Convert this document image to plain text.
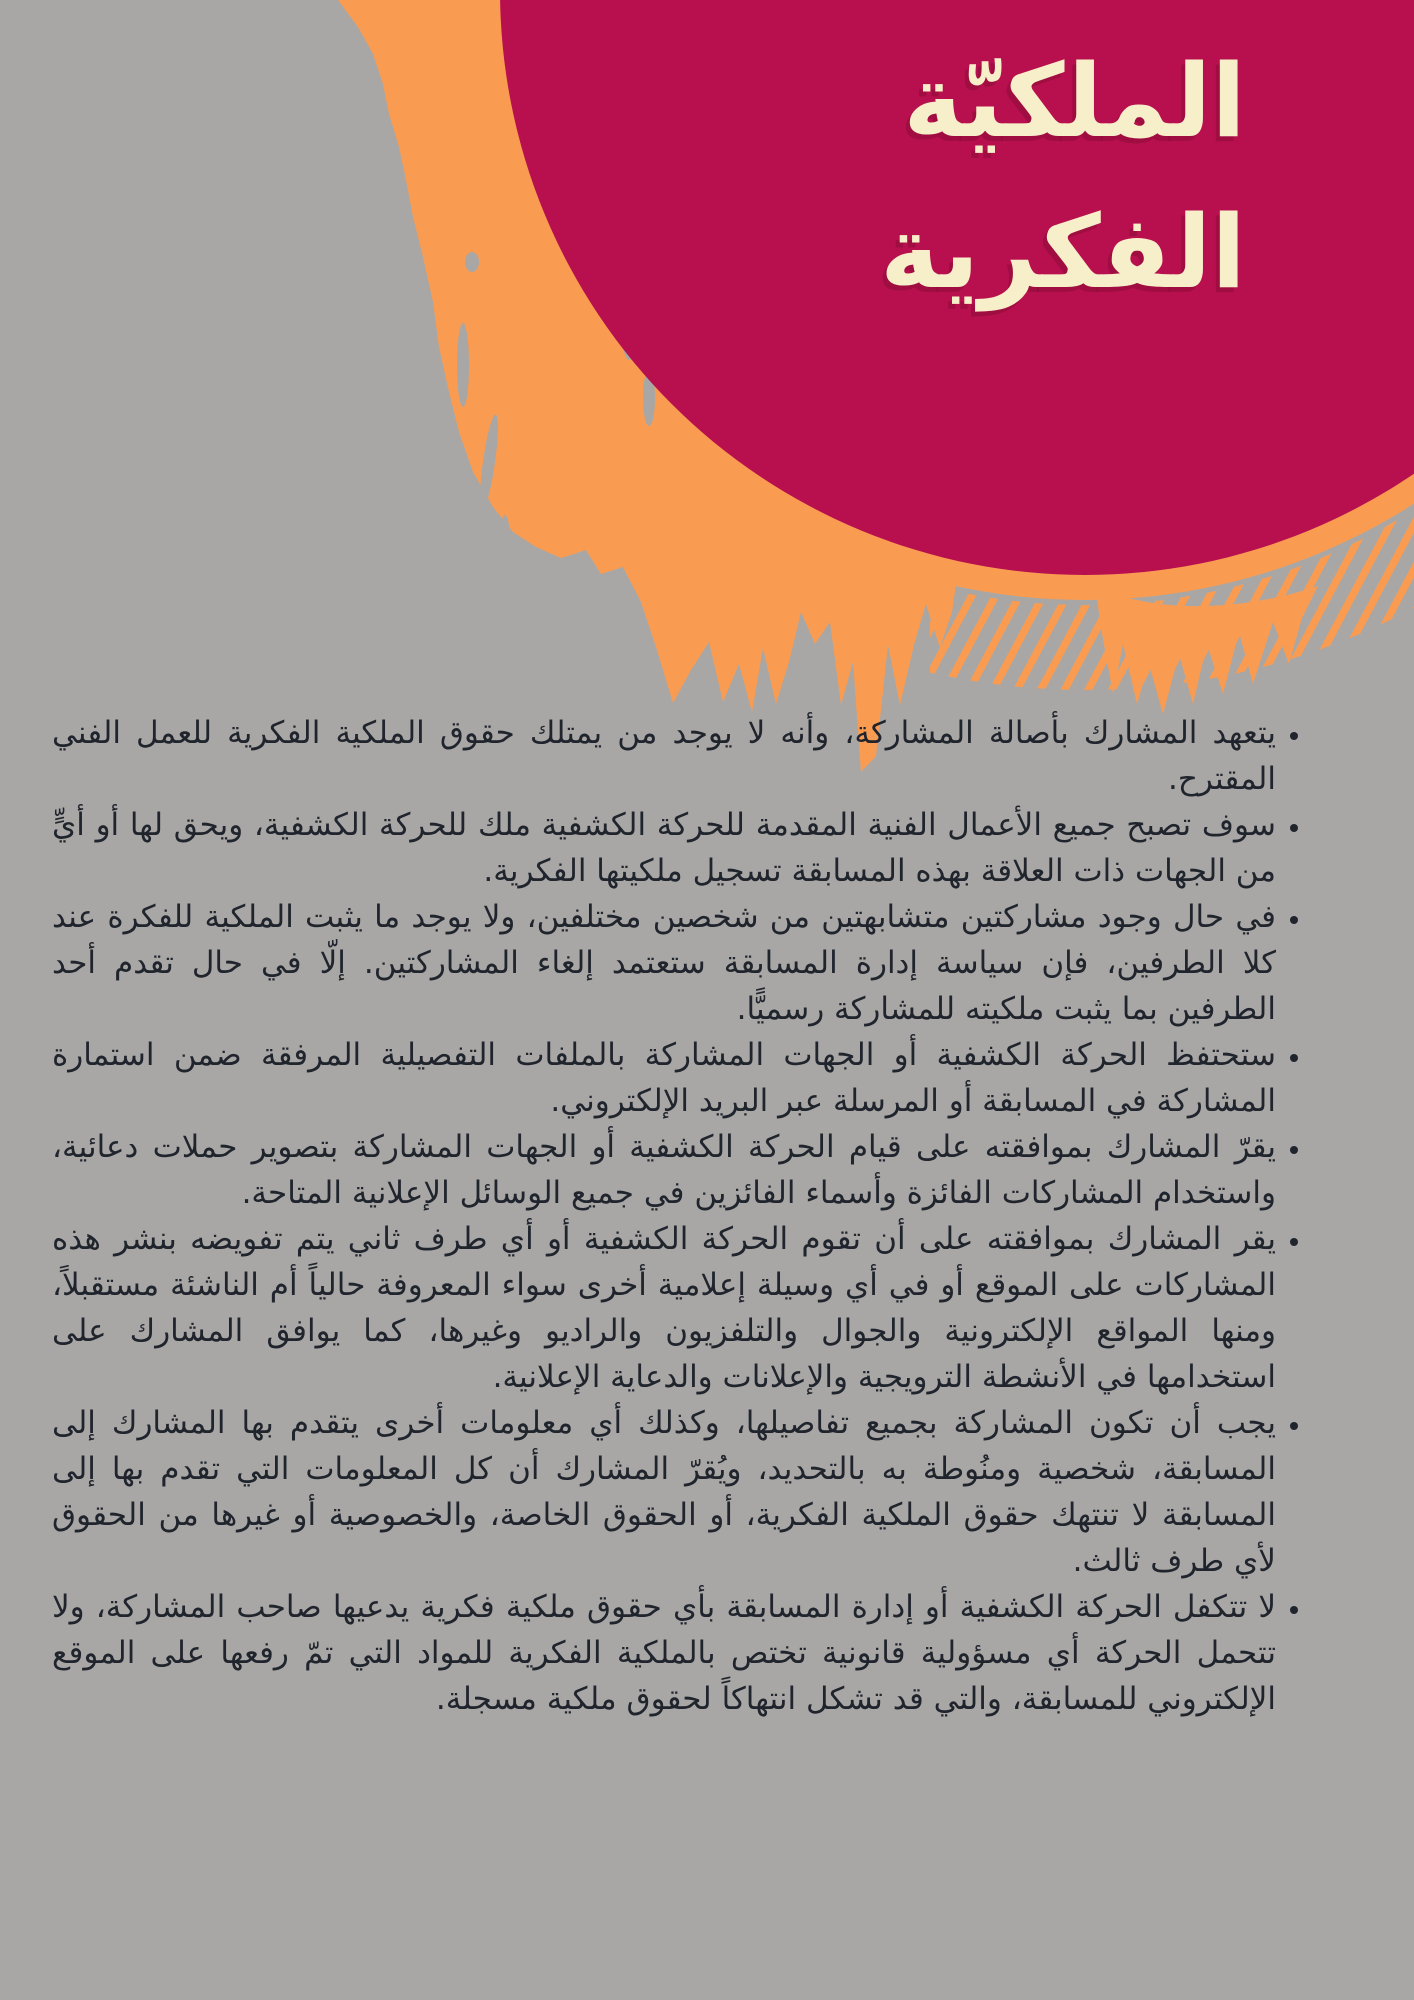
الملكيّة
الفكرية
• يتعهد المشارك بأصالة المشاركة، وأنه لا يوجد من يمتلك حقوق الملكية الفكرية للعمل الفني المقترح.
• سوف تصبح جميع الأعمال الفنية المقدمة للحركة الكشفية ملك للحركة الكشفية، ويحق لها أو أيٍّ من الجهات ذات العلاقة بهذه المسابقة تسجيل ملكيتها الفكرية.
• في حال وجود مشاركتين متشابهتين من شخصين مختلفين، ولا يوجد ما يثبت الملكية للفكرة عند كلا الطرفين، فإن سياسة إدارة المسابقة ستعتمد إلغاء المشاركتين. إلّا في حال تقدم أحد الطرفين بما يثبت ملكيته للمشاركة رسميًّا.
• ستحتفظ الحركة الكشفية أو الجهات المشاركة بالملفات التفصيلية المرفقة ضمن استمارة المشاركة في المسابقة أو المرسلة عبر البريد الإلكتروني.
• يقرّ المشارك بموافقته على قيام الحركة الكشفية أو الجهات المشاركة بتصوير حملات دعائية، واستخدام المشاركات الفائزة وأسماء الفائزين في جميع الوسائل الإعلانية المتاحة.
• يقر المشارك بموافقته على أن تقوم الحركة الكشفية أو أي طرف ثاني يتم تفويضه بنشر هذه المشاركات على الموقع أو في أي وسيلة إعلامية أخرى سواء المعروفة حالياً أم الناشئة مستقبلاً، ومنها المواقع الإلكترونية والجوال والتلفزيون والراديو وغيرها، كما يوافق المشارك على استخدامها في الأنشطة الترويجية والإعلانات والدعاية الإعلانية.
• يجب أن تكون المشاركة بجميع تفاصيلها، وكذلك أي معلومات أخرى يتقدم بها المشارك إلى المسابقة، شخصية ومنُوطة به بالتحديد، ويُقرّ المشارك أن كل المعلومات التي تقدم بها إلى المسابقة لا تنتهك حقوق الملكية الفكرية، أو الحقوق الخاصة، والخصوصية أو غيرها من الحقوق لأي طرف ثالث.
• لا تتكفل الحركة الكشفية أو إدارة المسابقة بأي حقوق ملكية فكرية يدعيها صاحب المشاركة، ولا تتحمل الحركة أي مسؤولية قانونية تختص بالملكية الفكرية للمواد التي تمّ رفعها على الموقع الإلكتروني للمسابقة، والتي قد تشكل انتهاكاً لحقوق ملكية مسجلة.
